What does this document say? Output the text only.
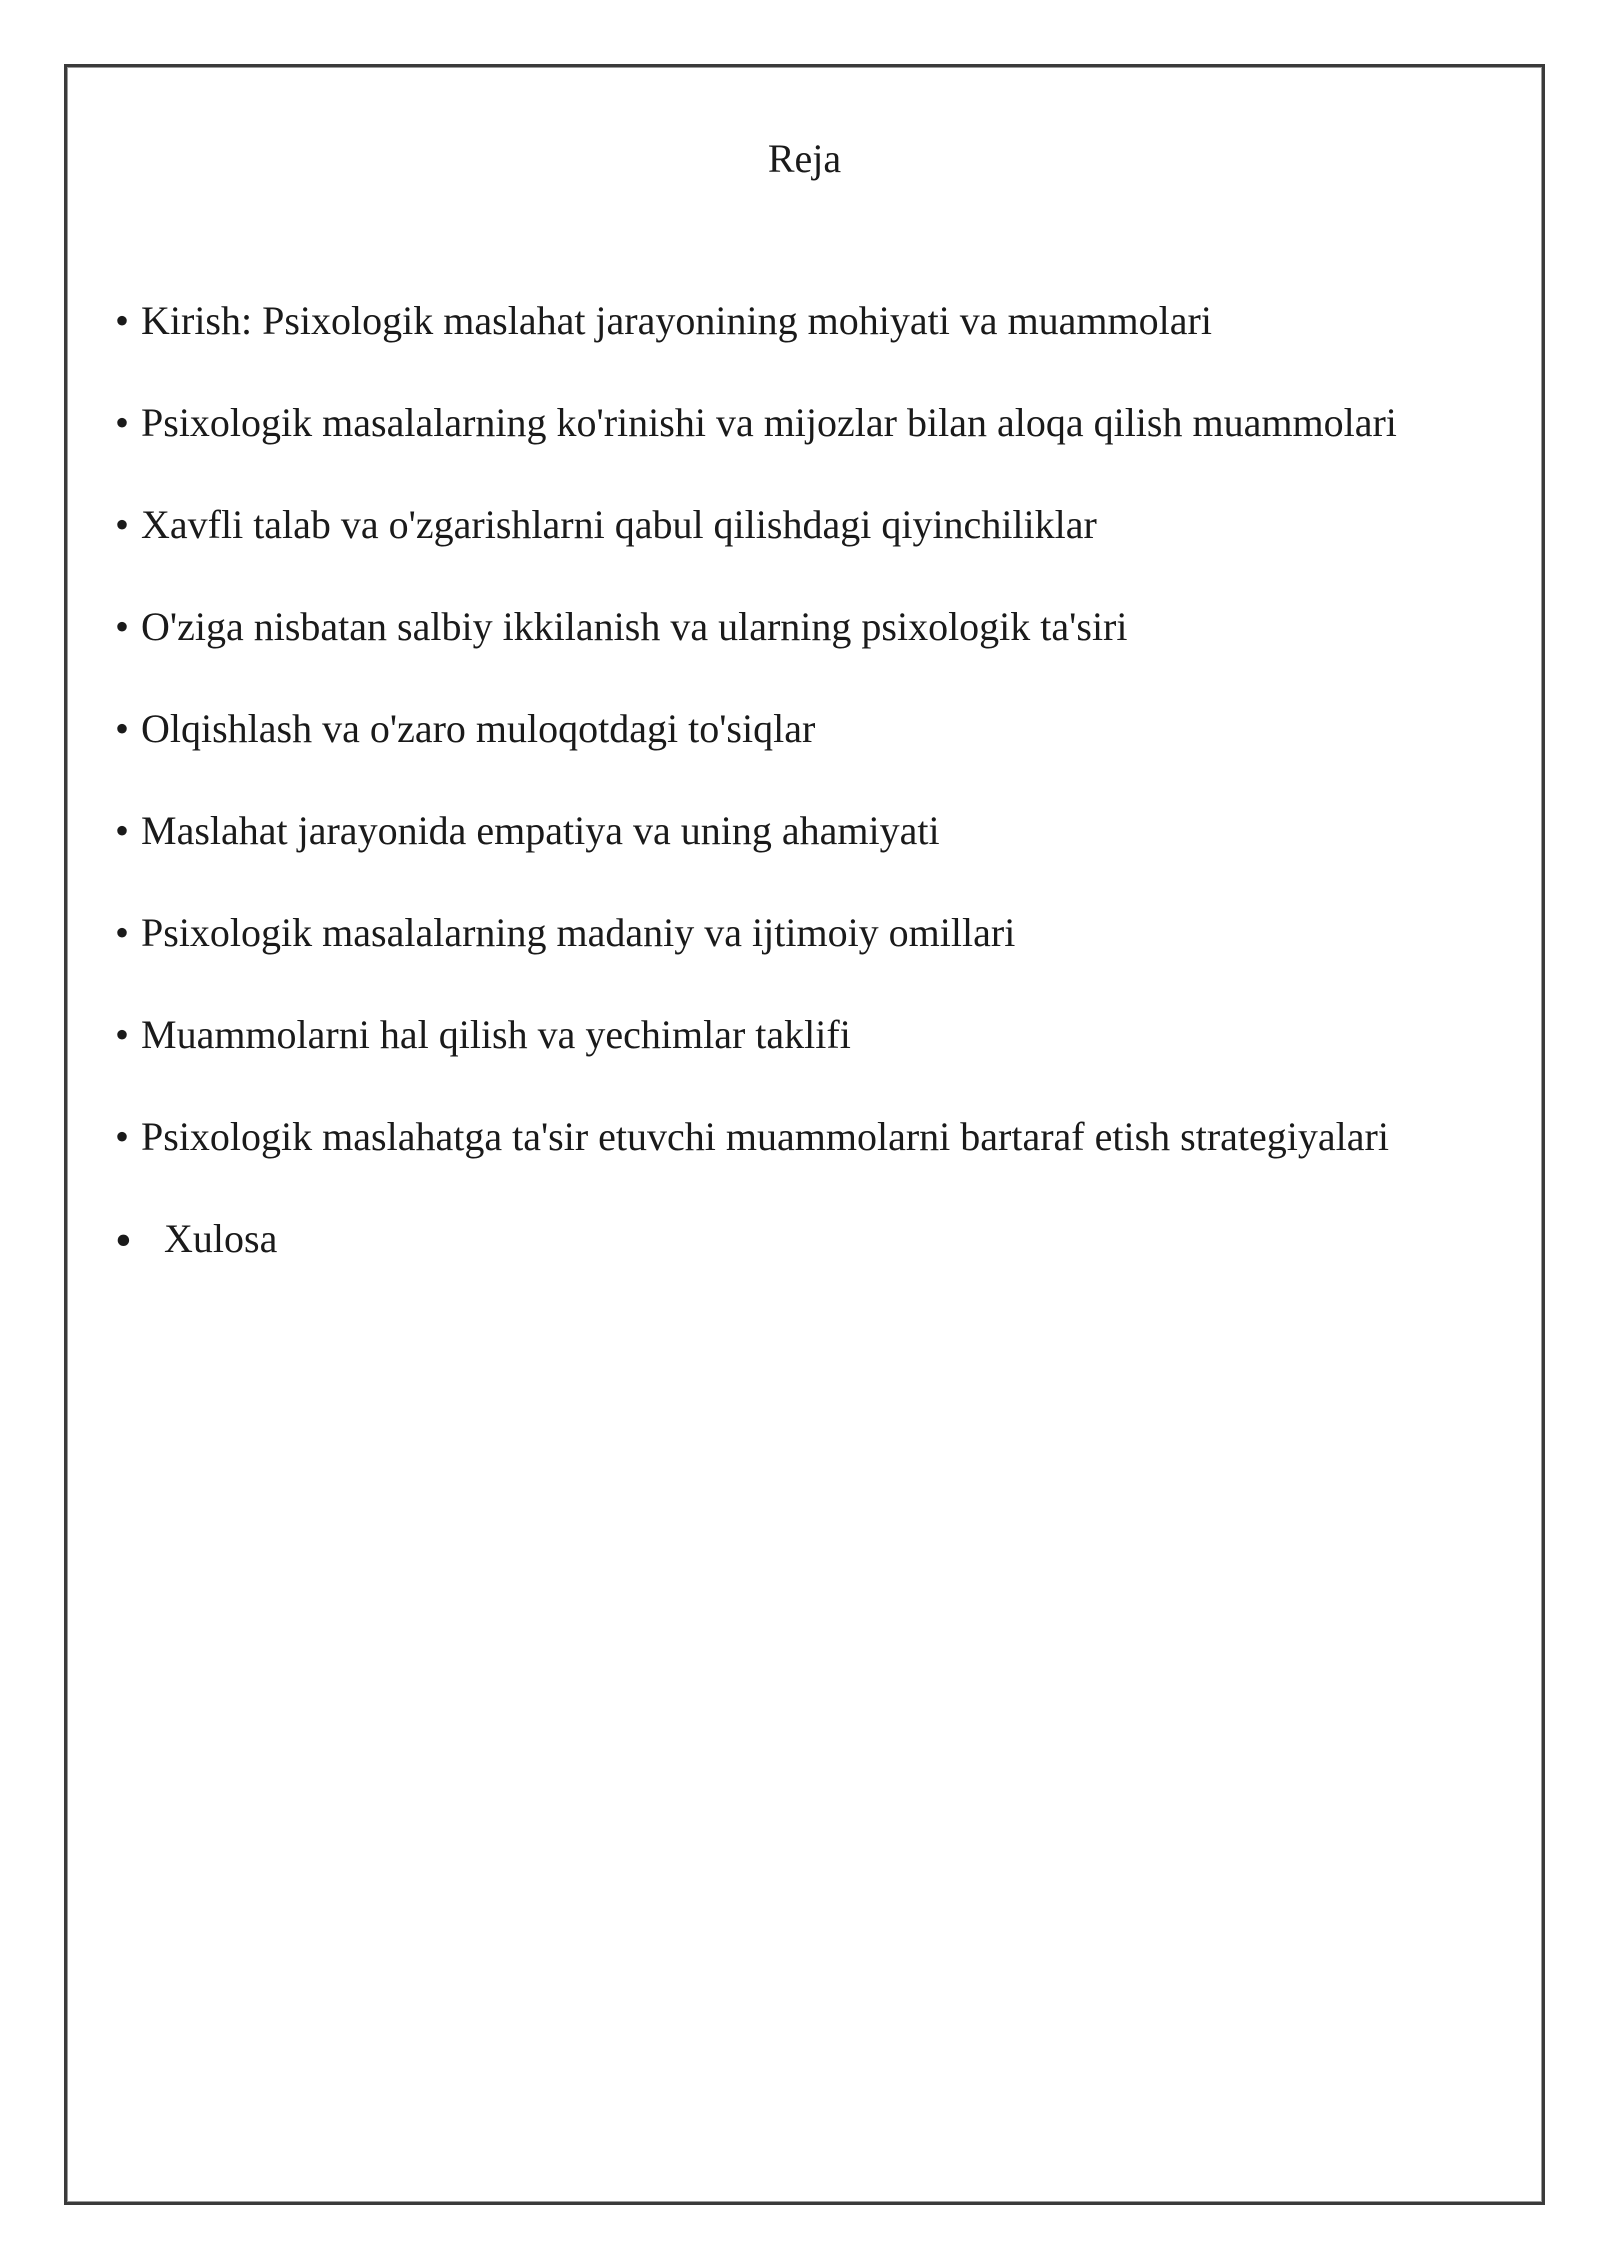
Reja
• Kirish: Psixologik maslahat jarayonining mohiyati va muammolari
• Psixologik masalalarning ko'rinishi va mijozlar bilan aloqa qilish muammolari
• Xavfli talab va o'zgarishlarni qabul qilishdagi qiyinchiliklar
• O'ziga nisbatan salbiy ikkilanish va ularning psixologik ta'siri
• Olqishlash va o'zaro muloqotdagi to'siqlar
• Maslahat jarayonida empatiya va uning ahamiyati
• Psixologik masalalarning madaniy va ijtimoiy omillari
• Muammolarni hal qilish va yechimlar taklifi
• Psixologik maslahatga ta'sir etuvchi muammolarni bartaraf etish strategiyalari
• Xulosa
